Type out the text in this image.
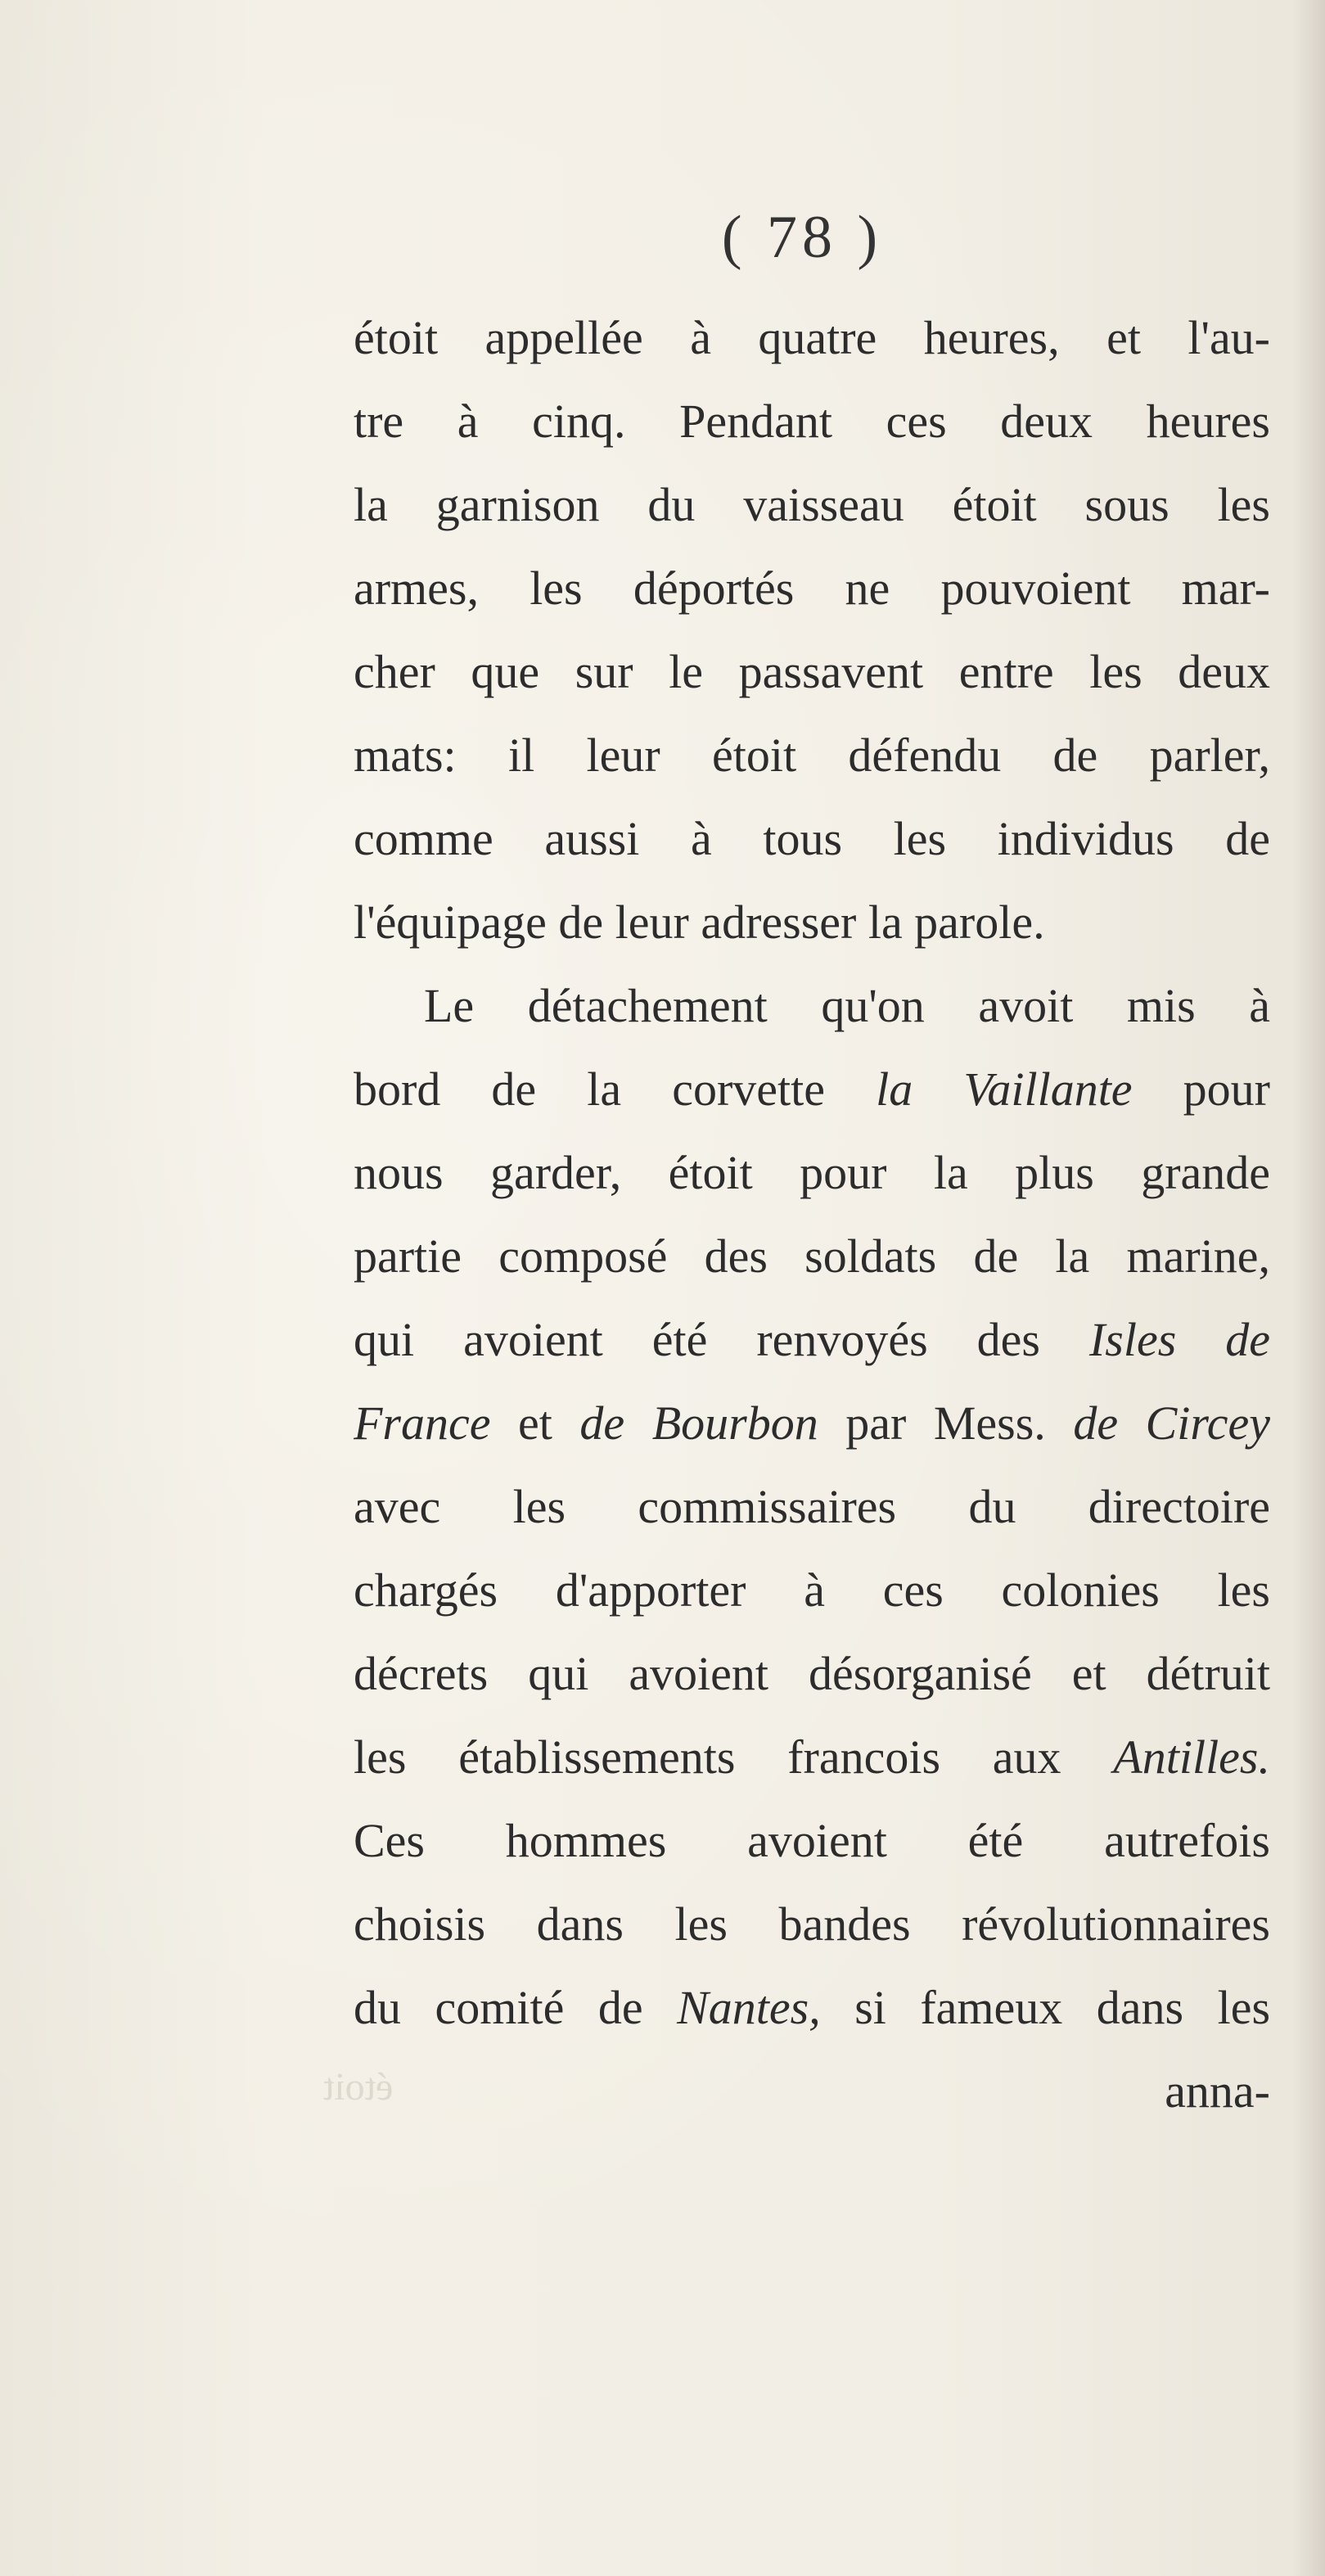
( 78 )
étoit
étoit appellée à quatre heures, et l'au-
tre à cinq. Pendant ces deux heures
la garnison du vaisseau étoit sous les
armes, les déportés ne pouvoient mar-
cher que sur le passavent entre les deux
mats: il leur étoit défendu de parler,
comme aussi à tous les individus de
l'équipage de leur adresser la parole.
Le détachement qu'on avoit mis à
bord de la corvette la Vaillante pour
nous garder, étoit pour la plus grande
partie composé des soldats de la marine,
qui avoient été renvoyés des Isles de
France et de Bourbon par Mess. de Circey
avec les commissaires du directoire
chargés d'apporter à ces colonies les
décrets qui avoient désorganisé et détruit
les établissements francois aux Antilles.
Ces hommes avoient été autrefois
choisis dans les bandes révolutionnaires
du comité de Nantes, si fameux dans les
anna-
